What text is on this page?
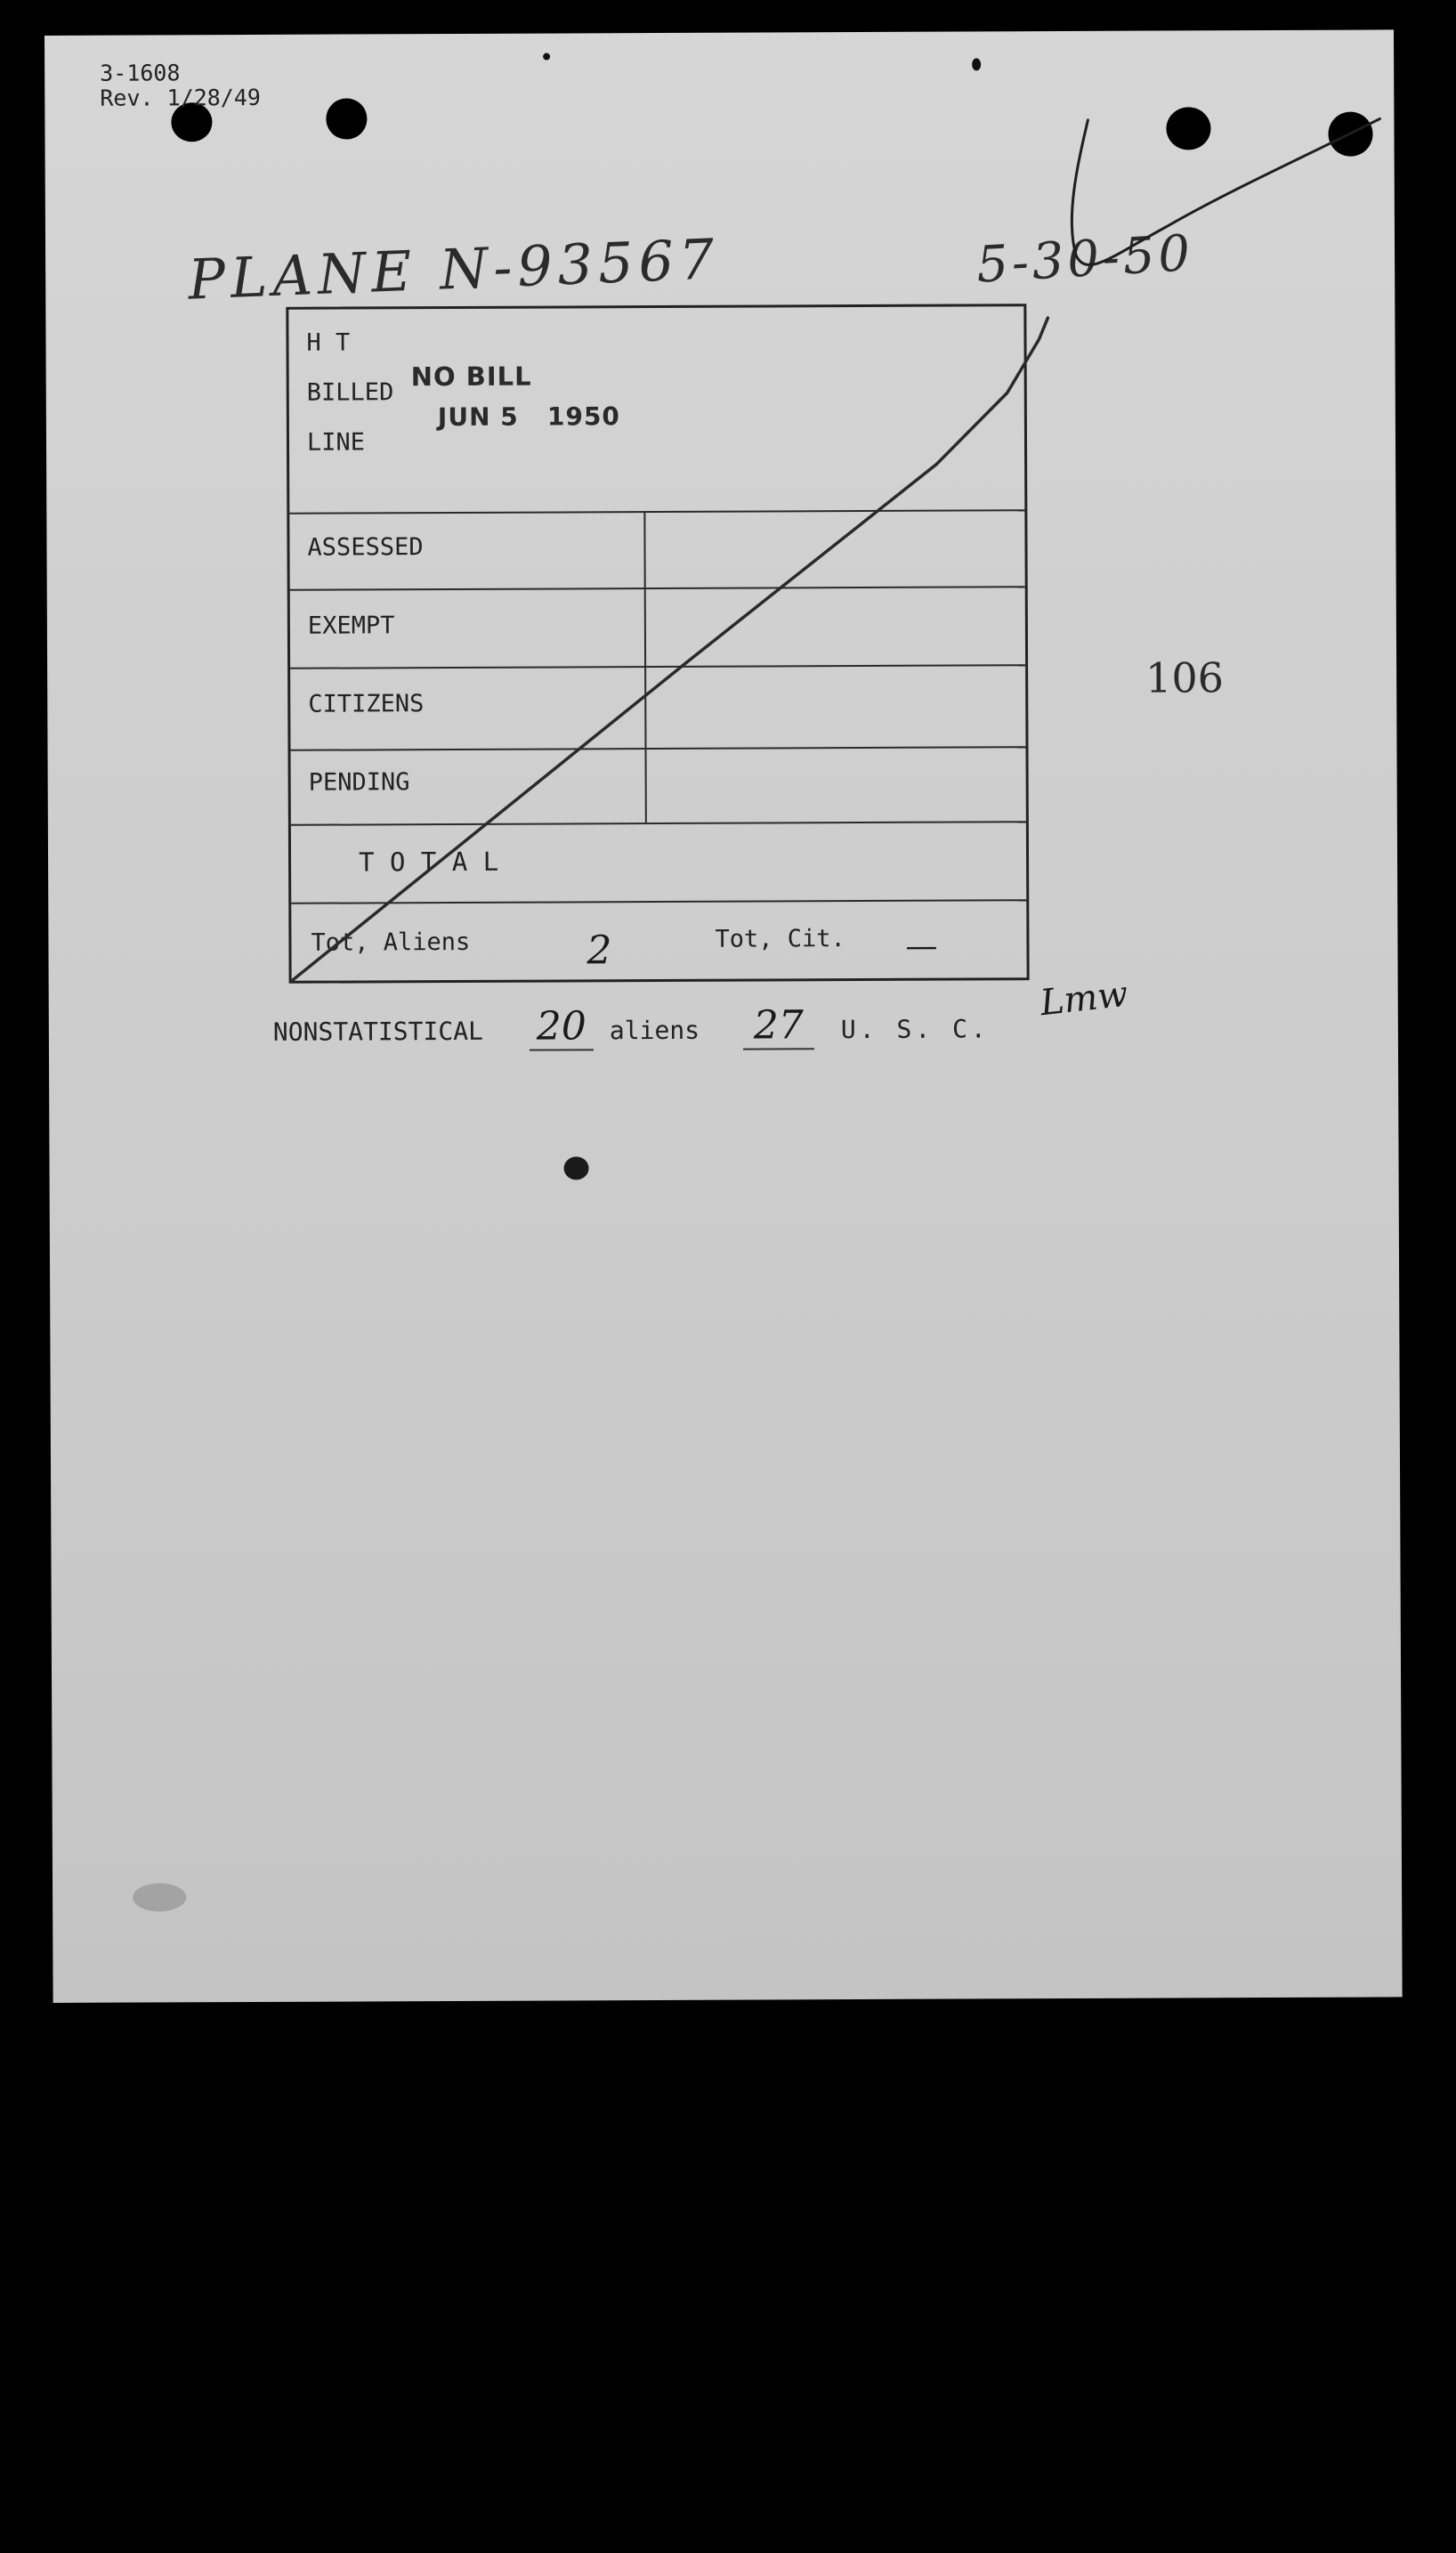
3-1608
Rev. 1/28/49
PLANE N-93567	5-30-50
106
NO BILL
JUN 5   1950
H T
BILLED
LINE
ASSESSED
EXEMPT
CITIZENS
PENDING
T O T A L
Tot, Aliens	Tot, Cit.
2	—
Lmw
NONSTATISTICAL 20 aliens 27	U. S. C.
